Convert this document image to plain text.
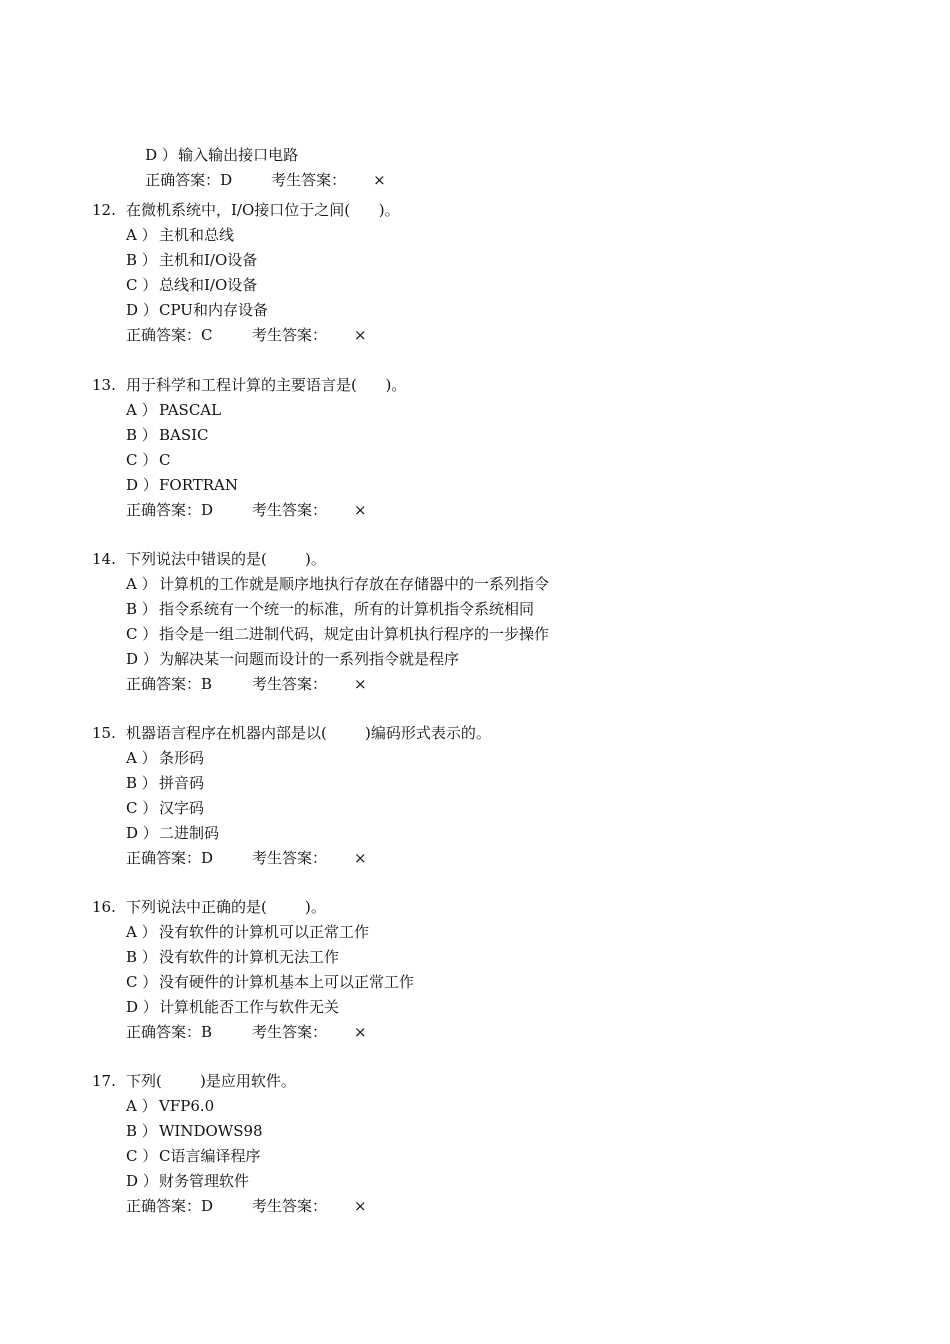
D ）输入输出接口电路

正确答案：D	考生答案： ×

12. 在微机系统中，I/O接口位于之间(      )。
A ） 主机和总线
B ） 主机和I/O设备
C ） 总线和I/O设备
D ）CPU和内存设备
正确答案：C	考生答案： ×
13. 用于科学和工程计算的主要语言是(      )。
A ） PASCAL
B ） BASIC
C ） C
D ）FORTRAN
正确答案：D	考生答案： ×
14. 下列说法中错误的是(        )。
A ） 计算机的工作就是顺序地执行存放在存储器中的一系列指令
B ） 指令系统有一个统一的标准，所有的计算机指令系统相同
C ） 指令是一组二进制代码，规定由计算机执行程序的一步操作
D ）为解决某一问题而设计的一系列指令就是程序
正确答案：B	考生答案： ×
15. 机器语言程序在机器内部是以(        )编码形式表示的。
A ） 条形码
B ） 拼音码
C ） 汉字码
D ）二进制码
正确答案：D	考生答案： ×
16. 下列说法中正确的是(        )。
A ） 没有软件的计算机可以正常工作
B ） 没有软件的计算机无法工作
C ） 没有硬件的计算机基本上可以正常工作
D ）计算机能否工作与软件无关
正确答案：B	考生答案： ×
17. 下列(        )是应用软件。
A ） VFP6.0
B ） WINDOWS98
C ） C语言编译程序
D ）财务管理软件
正确答案：D	考生答案： ×
